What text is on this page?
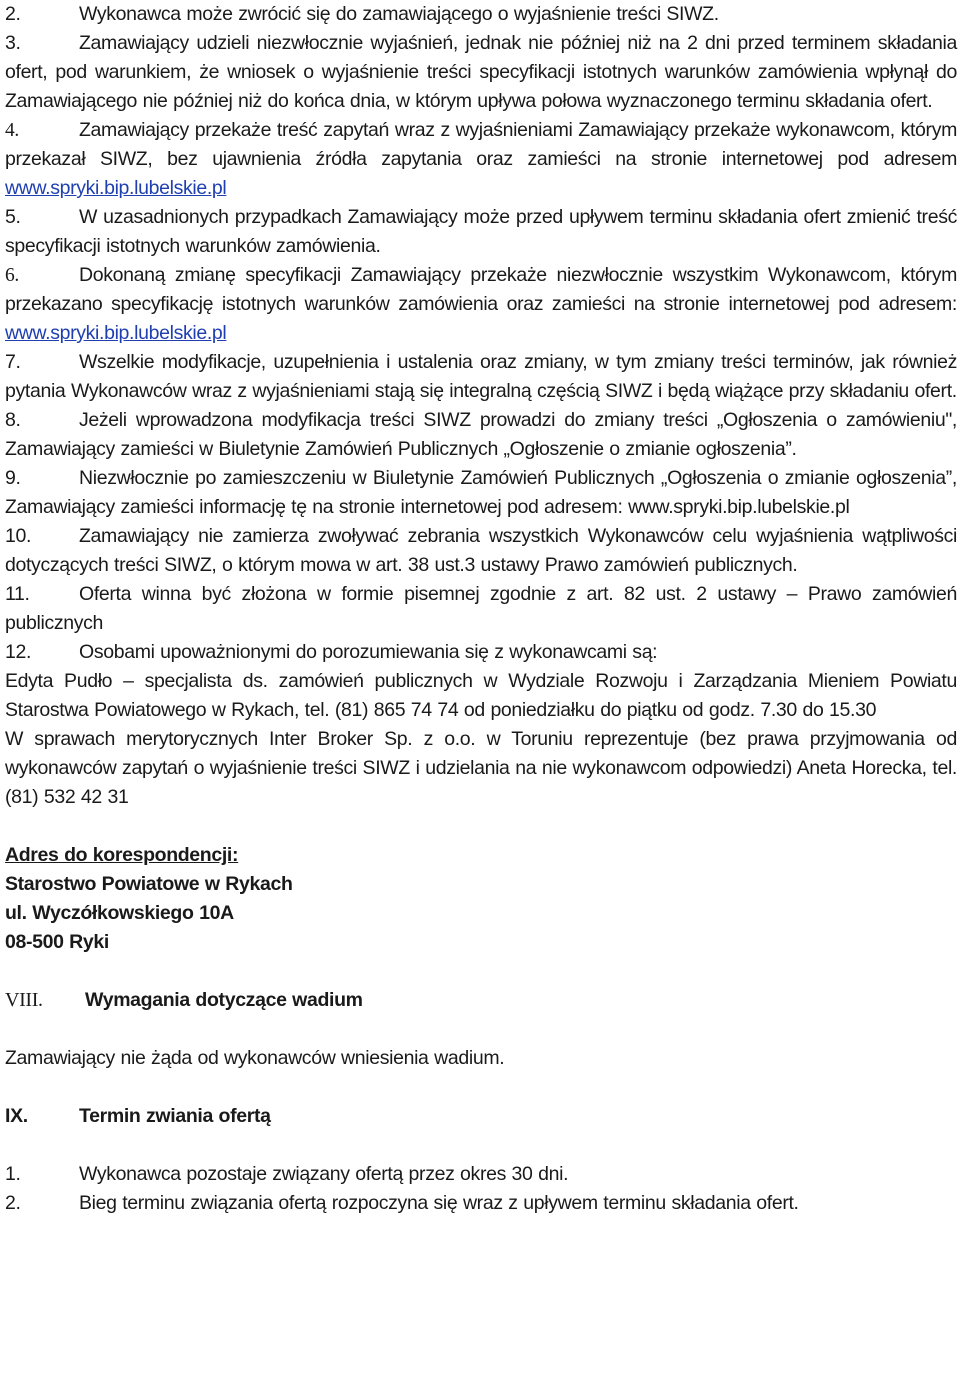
2.	Wykonawca może zwrócić się do zamawiającego o wyjaśnienie treści SIWZ.

3.	Zamawiający udzieli niezwłocznie wyjaśnień, jednak nie później niż na 2 dni przed terminem składania ofert, pod warunkiem, że wniosek o wyjaśnienie treści specyfikacji istotnych warunków zamówienia wpłynął do Zamawiającego nie później niż do końca dnia, w którym upływa połowa wyznaczonego terminu składania ofert.

4.	Zamawiający przekaże treść zapytań wraz z wyjaśnieniami Zamawiający przekaże wykonawcom, którym przekazał SIWZ, bez ujawnienia źródła zapytania oraz zamieści na stronie internetowej pod adresem www.spryki.bip.lubelskie.pl

5.	W uzasadnionych przypadkach Zamawiający może przed upływem terminu składania ofert zmienić treść specyfikacji istotnych warunków zamówienia.

6.	Dokonaną zmianę specyfikacji Zamawiający przekaże niezwłocznie wszystkim Wykonawcom, którym przekazano specyfikację istotnych warunków zamówienia oraz zamieści na stronie internetowej pod adresem: www.spryki.bip.lubelskie.pl

7.	Wszelkie modyfikacje, uzupełnienia i ustalenia oraz zmiany, w tym zmiany treści terminów, jak również pytania Wykonawców wraz z wyjaśnieniami stają się integralną częścią SIWZ i będą wiążące przy składaniu ofert.

8.	Jeżeli wprowadzona modyfikacja treści SIWZ prowadzi do zmiany treści „Ogłoszenia o zamówieniu", Zamawiający zamieści w Biuletynie Zamówień Publicznych „Ogłoszenie o zmianie ogłoszenia”.

9.	Niezwłocznie po zamieszczeniu w Biuletynie Zamówień Publicznych „Ogłoszenia o zmianie ogłoszenia”, Zamawiający zamieści informację tę na stronie internetowej pod adresem: www.spryki.bip.lubelskie.pl

10. Zamawiający nie zamierza zwoływać zebrania wszystkich Wykonawców celu wyjaśnienia wątpliwości dotyczących treści SIWZ, o którym mowa w art. 38 ust.3 ustawy Prawo zamówień publicznych.

11.	Oferta winna być złożona w formie pisemnej zgodnie z art. 82 ust. 2 ustawy – Prawo zamówień publicznych

12. Osobami upoważnionymi do porozumiewania się z wykonawcami są:

Edyta Pudło – specjalista ds. zamówień publicznych w Wydziale Rozwoju i Zarządzania Mieniem Powiatu Starostwa Powiatowego w Rykach, tel. (81) 865 74 74 od poniedziałku do piątku od godz. 7.30 do 15.30

W sprawach merytorycznych Inter Broker Sp. z o.o. w Toruniu reprezentuje (bez prawa przyjmowania od wykonawców zapytań o wyjaśnienie treści SIWZ i udzielania na nie wykonawcom odpowiedzi) Aneta Horecka, tel. (81) 532 42 31

Adres do korespondencji:

Starostwo Powiatowe w Rykach

ul. Wyczółkowskiego 10A

08-500 Ryki

VIII. Wymagania dotyczące wadium

Zamawiający nie żąda od wykonawców wniesienia wadium.

IX.	Termin zwiania ofertą

1.	Wykonawca pozostaje związany ofertą przez okres 30 dni.

2.	Bieg terminu związania ofertą rozpoczyna się wraz z upływem terminu składania ofert.
